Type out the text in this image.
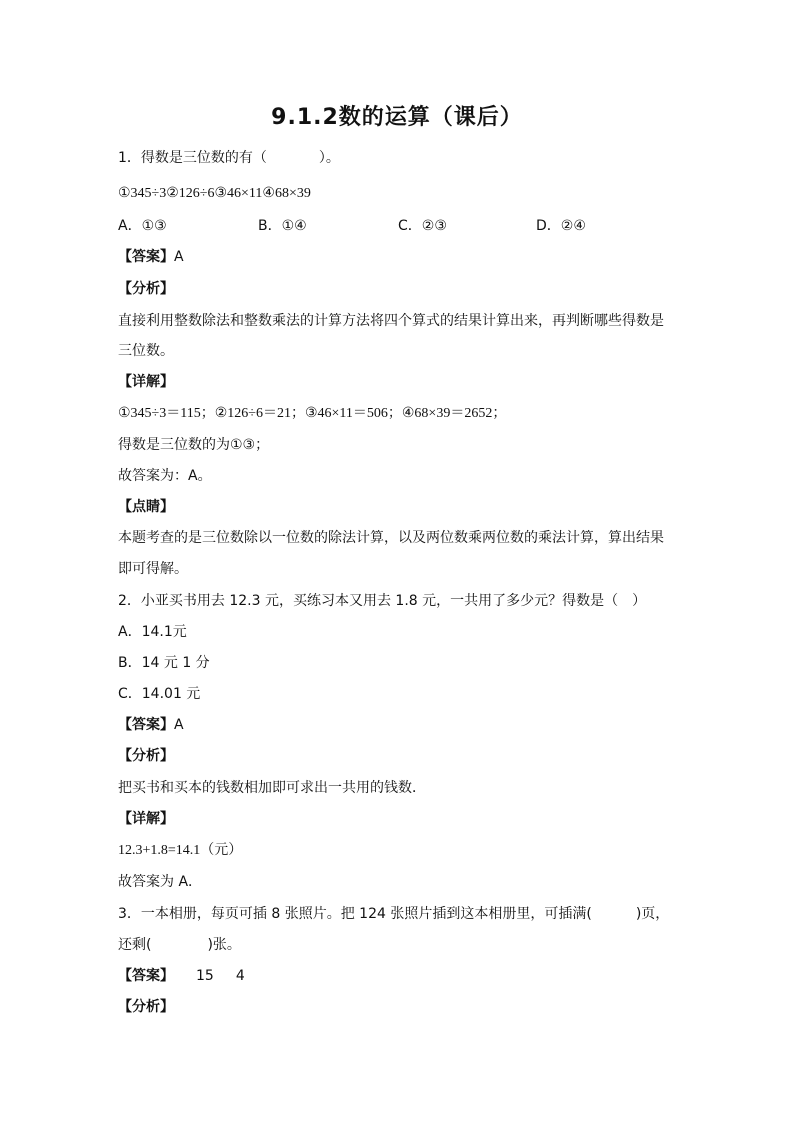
9.1.2数的运算（课后）
1．得数是三位数的有（	）。
①345÷3②126÷6③46×11④68×39
A．①③	B．①④	C．②③	D．②④
【答案】A
【分析】
直接利用整数除法和整数乘法的计算方法将四个算式的结果计算出来，再判断哪些得数是
三位数。
【详解】
①345÷3＝115；②126÷6＝21；③46×11＝506；④68×39＝2652；
得数是三位数的为①③；
故答案为：A。
【点睛】
本题考查的是三位数除以一位数的除法计算，以及两位数乘两位数的乘法计算，算出结果
即可得解。
2．小亚买书用去 12.3 元，买练习本又用去 1.8 元，一共用了多少元？得数是（　）
A．14.1元
B．14 元 1 分
C．14.01 元
【答案】A
【分析】
把买书和买本的钱数相加即可求出一共用的钱数．
【详解】
12.3+1.8=14.1（元）
故答案为 A．
3．一本相册，每页可插 8 张照片。把 124 张照片插到这本相册里，可插满(	)页，
还剩(	)张。
【答案】 15 4
【分析】
